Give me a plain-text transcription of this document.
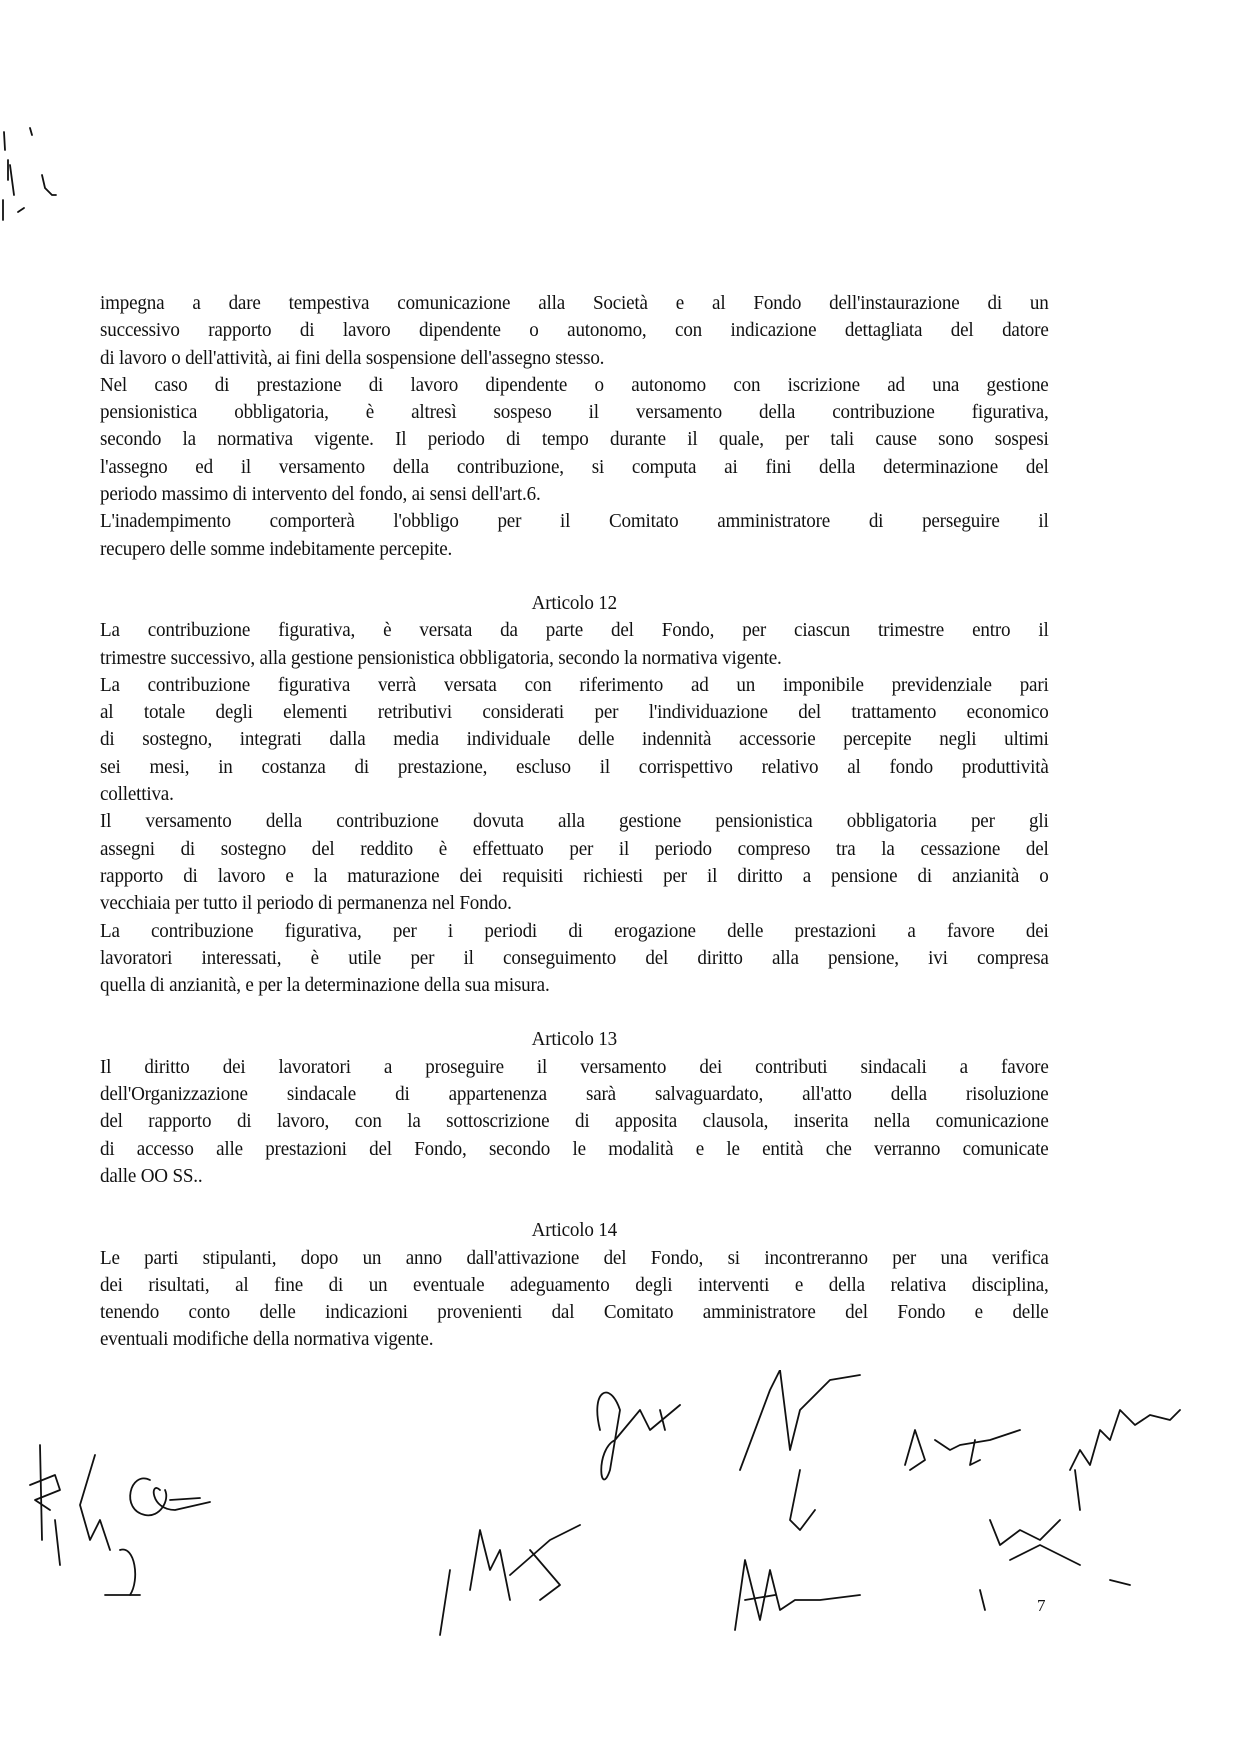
impegna a dare tempestiva comunicazione alla Società e al Fondo dell'instaurazione di un
successivo rapporto di lavoro dipendente o autonomo, con indicazione dettagliata del datore
di lavoro o dell'attività, ai fini della sospensione dell'assegno stesso.
Nel caso di prestazione di lavoro dipendente o autonomo con iscrizione ad una gestione
pensionistica obbligatoria, è altresì sospeso il versamento della contribuzione figurativa,
secondo la normativa vigente. Il periodo di tempo durante il quale, per tali cause sono sospesi
l'assegno ed il versamento della contribuzione, si computa ai fini della determinazione del
periodo massimo di intervento del fondo, ai sensi dell'art.6.
L'inadempimento comporterà l'obbligo per il Comitato amministratore di perseguire il
recupero delle somme indebitamente percepite.
Articolo 12
La contribuzione figurativa, è versata da parte del Fondo, per ciascun trimestre entro il
trimestre successivo, alla gestione pensionistica obbligatoria, secondo la normativa vigente.
La contribuzione figurativa verrà versata con riferimento ad un imponibile previdenziale pari
al totale degli elementi retributivi considerati per l'individuazione del trattamento economico
di sostegno, integrati dalla media individuale delle indennità accessorie percepite negli ultimi
sei mesi, in costanza di prestazione, escluso il corrispettivo relativo al fondo produttività
collettiva.
Il versamento della contribuzione dovuta alla gestione pensionistica obbligatoria per gli
assegni di sostegno del reddito è effettuato per il periodo compreso tra la cessazione del
rapporto di lavoro e la maturazione dei requisiti richiesti per il diritto a pensione di anzianità o
vecchiaia per tutto il periodo di permanenza nel Fondo.
La contribuzione figurativa, per i periodi di erogazione delle prestazioni a favore dei
lavoratori interessati, è utile per il conseguimento del diritto alla pensione, ivi compresa
quella di anzianità, e per la determinazione della sua misura.
Articolo 13
Il diritto dei lavoratori a proseguire il versamento dei contributi sindacali a favore
dell'Organizzazione sindacale di appartenenza sarà salvaguardato, all'atto della risoluzione
del rapporto di lavoro, con la sottoscrizione di apposita clausola, inserita nella comunicazione
di accesso alle prestazioni del Fondo, secondo le modalità e le entità che verranno comunicate
dalle OO SS..
Articolo 14
Le parti stipulanti, dopo un anno dall'attivazione del Fondo, si incontreranno per una verifica
dei risultati, al fine di un eventuale adeguamento degli interventi e della relativa disciplina,
tenendo conto delle indicazioni provenienti dal Comitato amministratore del Fondo e delle
eventuali modifiche della normativa vigente.
7
